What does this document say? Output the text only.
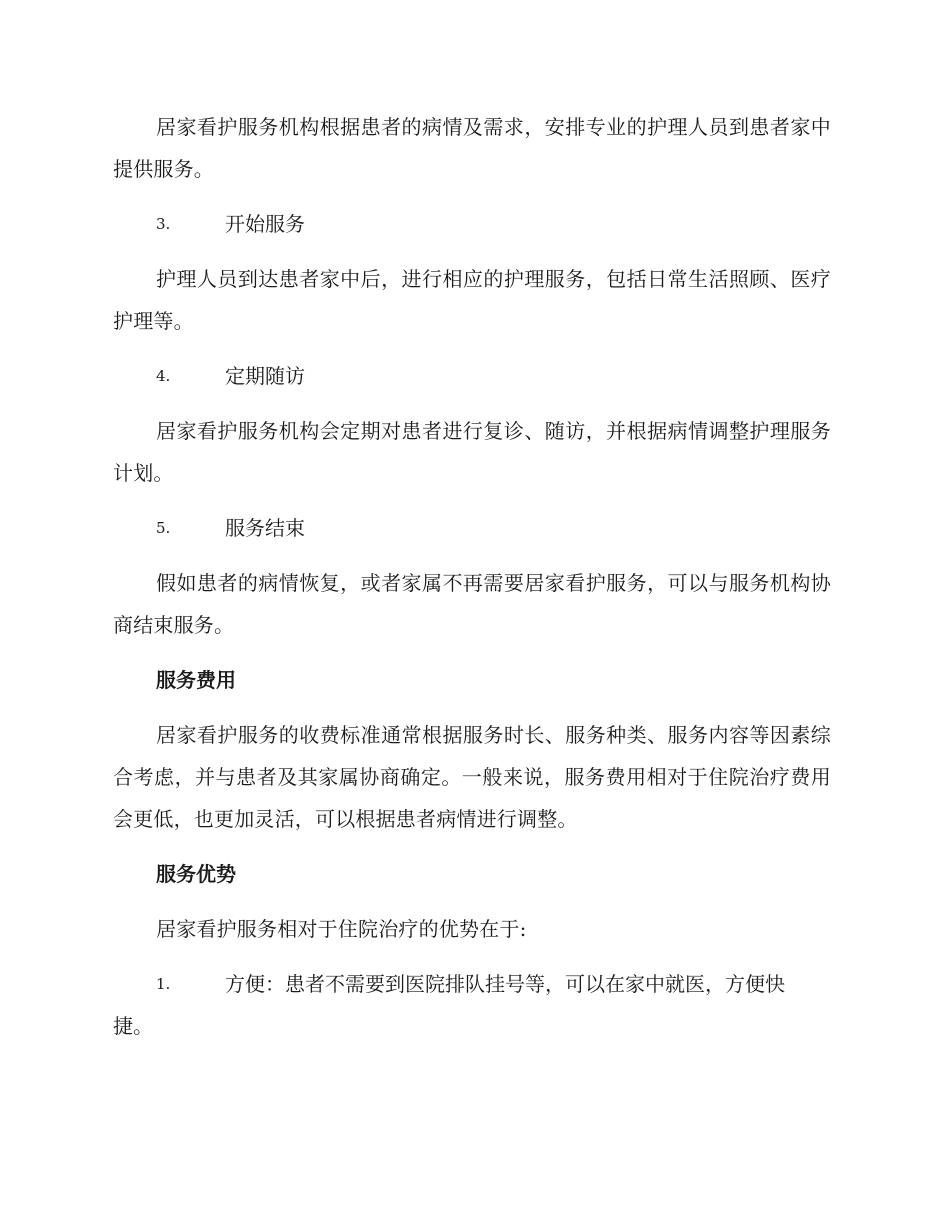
居家看护服务机构根据患者的病情及需求，安排专业的护理人员到患者家中提供服务。

3.	开始服务

护理人员到达患者家中后，进行相应的护理服务，包括日常生活照顾、医疗护理等。

4.	定期随访

居家看护服务机构会定期对患者进行复诊、随访，并根据病情调整护理服务计划。

5.	服务结束

假如患者的病情恢复，或者家属不再需要居家看护服务，可以与服务机构协商结束服务。

服务费用

居家看护服务的收费标准通常根据服务时长、服务种类、服务内容等因素综合考虑，并与患者及其家属协商确定。一般来说，服务费用相对于住院治疗费用会更低，也更加灵活，可以根据患者病情进行调整。

服务优势

居家看护服务相对于住院治疗的优势在于:

1.	方便：患者不需要到医院排队挂号等，可以在家中就医，方便快
捷。
